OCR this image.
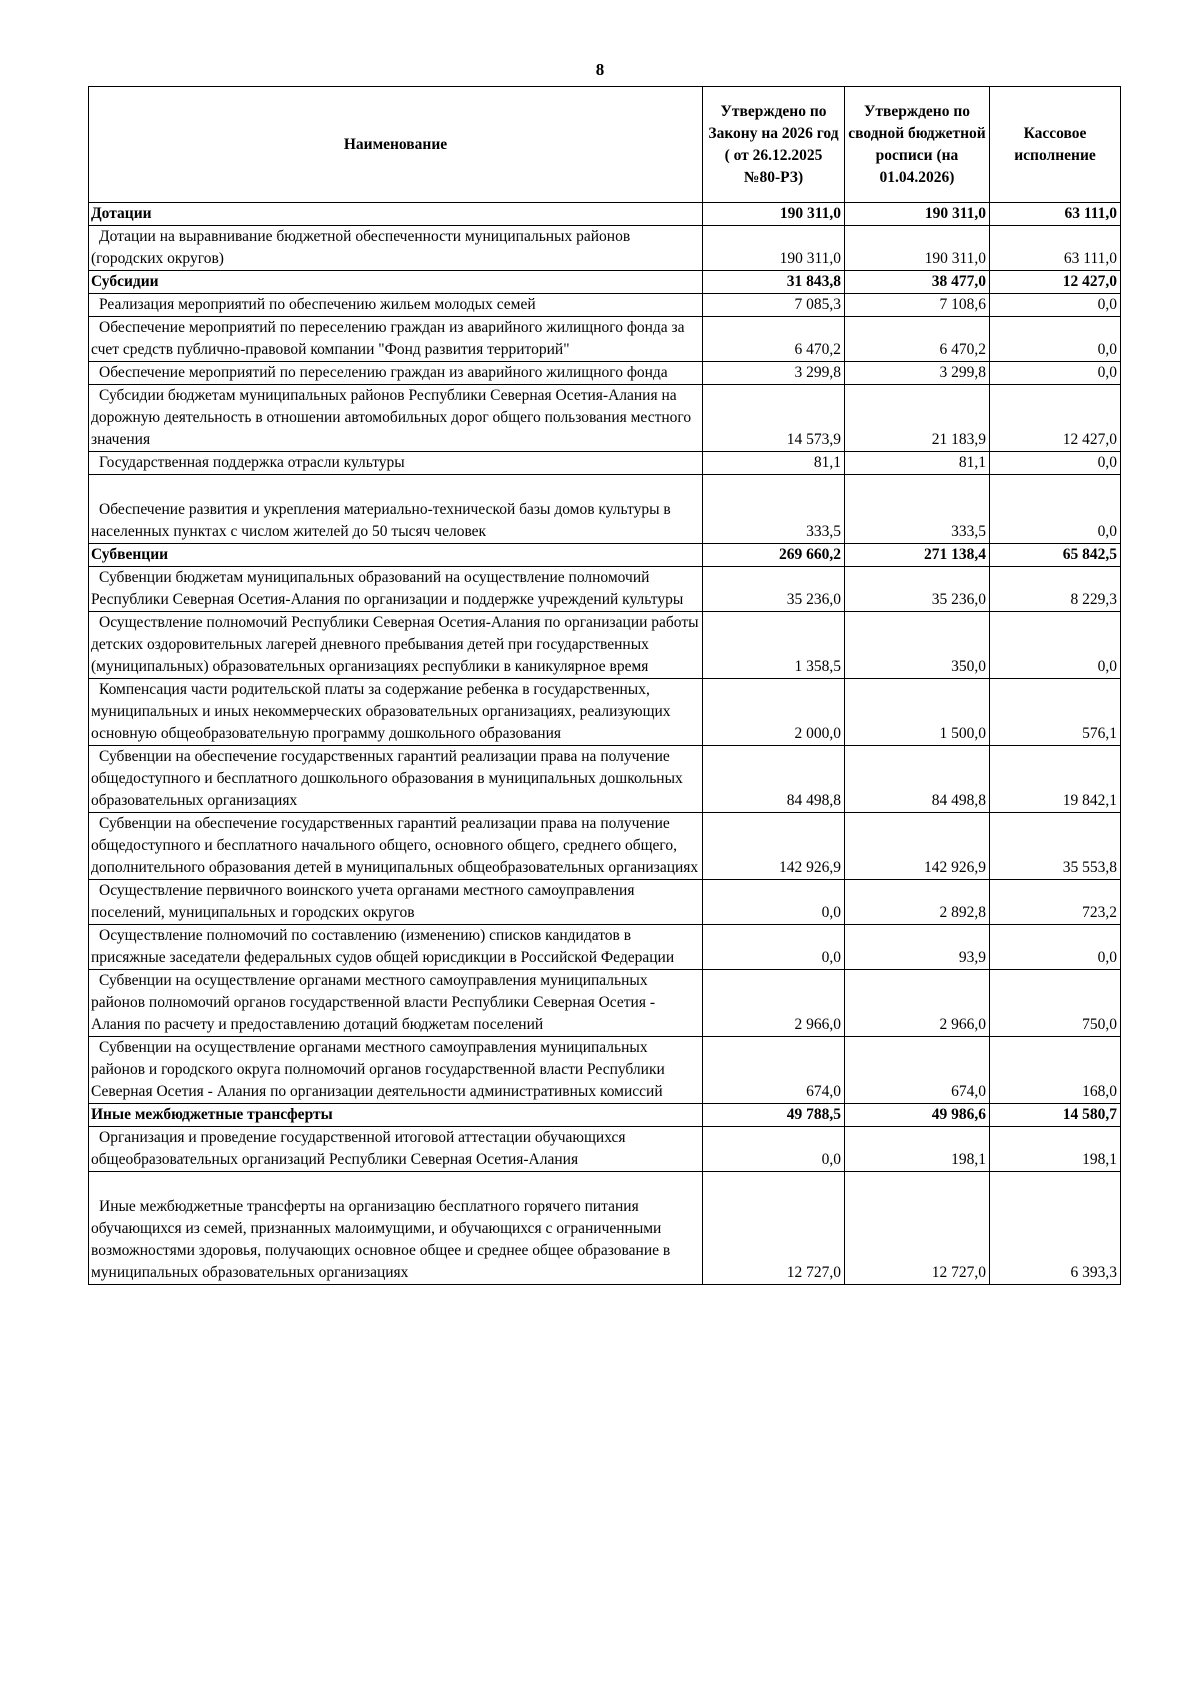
8
Наименование	Утверждено по Закону на 2026 год ( от 26.12.2025 №80-РЗ)	Утверждено по сводной бюджетной росписи (на 01.04.2026)	Кассовое исполнение
Дотации	190 311,0	190 311,0	63 111,0
Дотации на выравнивание бюджетной обеспеченности муниципальных районов (городских округов)	190 311,0	190 311,0	63 111,0
Субсидии	31 843,8	38 477,0	12 427,0
Реализация мероприятий по обеспечению жильем молодых семей	7 085,3	7 108,6	0,0
Обеспечение мероприятий по переселению граждан из аварийного жилищного фонда за счет средств публично-правовой компании "Фонд развития территорий"	6 470,2	6 470,2	0,0
Обеспечение мероприятий по переселению граждан из аварийного жилищного фонда	3 299,8	3 299,8	0,0
Субсидии бюджетам муниципальных районов Республики Северная Осетия-Алания на дорожную деятельность в отношении автомобильных дорог общего пользования местного значения	14 573,9	21 183,9	12 427,0
Государственная поддержка отрасли культуры	81,1	81,1	0,0
Обеспечение развития и укрепления материально-технической базы домов культуры в населенных пунктах с числом жителей до 50 тысяч человек	333,5	333,5	0,0
Субвенции	269 660,2	271 138,4	65 842,5
Субвенции бюджетам муниципальных образований на осуществление полномочий Республики Северная Осетия-Алания по организации и поддержке учреждений культуры	35 236,0	35 236,0	8 229,3
Осуществление полномочий Республики Северная Осетия-Алания по организации работы детских оздоровительных лагерей дневного пребывания детей при государственных (муниципальных) образовательных организациях республики в каникулярное время	1 358,5	350,0	0,0
Компенсация части родительской платы за содержание ребенка в государственных, муниципальных и иных некоммерческих образовательных организациях, реализующих основную общеобразовательную программу дошкольного образования	2 000,0	1 500,0	576,1
Субвенции на обеспечение государственных гарантий реализации права на получение общедоступного и бесплатного дошкольного образования в муниципальных дошкольных образовательных организациях	84 498,8	84 498,8	19 842,1
Субвенции на обеспечение государственных гарантий реализации права на получение общедоступного и бесплатного начального общего, основного общего, среднего общего, дополнительного образования детей в муниципальных общеобразовательных организациях	142 926,9	142 926,9	35 553,8
Осуществление первичного воинского учета органами местного самоуправления поселений, муниципальных и городских округов	0,0	2 892,8	723,2
Осуществление полномочий по составлению (изменению) списков кандидатов в присяжные заседатели федеральных судов общей юрисдикции в Российской Федерации	0,0	93,9	0,0
Субвенции на осуществление органами местного самоуправления муниципальных районов полномочий органов государственной власти Республики Северная Осетия - Алания по расчету и предоставлению дотаций бюджетам поселений	2 966,0	2 966,0	750,0
Субвенции на осуществление органами местного самоуправления муниципальных районов и городского округа полномочий органов государственной власти Республики Северная Осетия - Алания по организации деятельности административных комиссий	674,0	674,0	168,0
Иные межбюджетные трансферты	49 788,5	49 986,6	14 580,7
Организация и проведение государственной итоговой аттестации обучающихся общеобразовательных организаций Республики Северная Осетия-Алания	0,0	198,1	198,1
Иные межбюджетные трансферты на организацию бесплатного горячего питания обучающихся из семей, признанных малоимущими, и обучающихся с ограниченными возможностями здоровья, получающих основное общее и среднее общее образование в муниципальных образовательных организациях	12 727,0	12 727,0	6 393,3
